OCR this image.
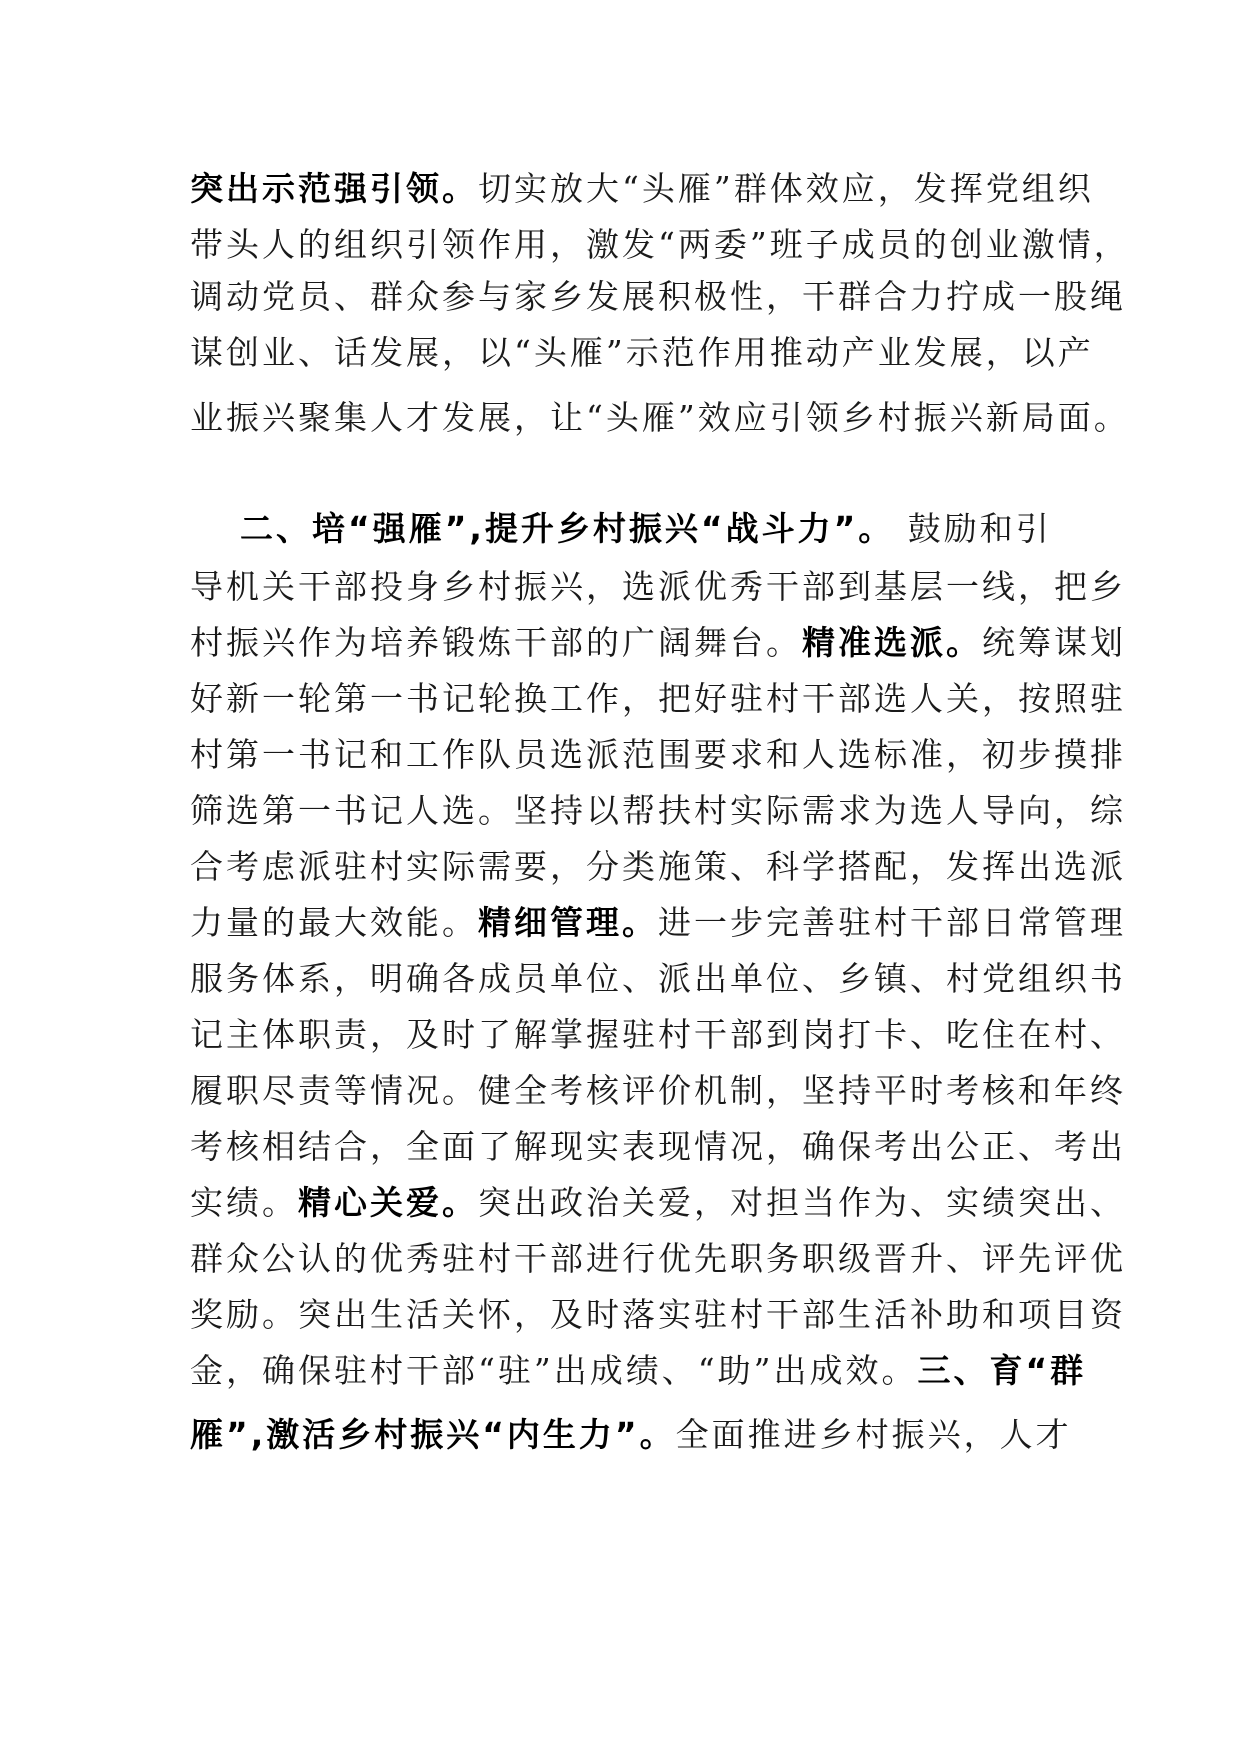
突出示范强引领。切实放大“头雁”群体效应，发挥党组织
带头人的组织引领作用，激发“两委”班子成员的创业激情，
调动党员、群众参与家乡发展积极性，干群合力拧成一股绳
谋创业、话发展，以“头雁”示范作用推动产业发展，以产
业振兴聚集人才发展，让“头雁”效应引领乡村振兴新局面。
二、培“强雁”,提升乡村振兴“战斗力”。 鼓励和引
导机关干部投身乡村振兴，选派优秀干部到基层一线，把乡
村振兴作为培养锻炼干部的广阔舞台。精准选派。统筹谋划
好新一轮第一书记轮换工作，把好驻村干部选人关，按照驻
村第一书记和工作队员选派范围要求和人选标准，初步摸排
筛选第一书记人选。坚持以帮扶村实际需求为选人导向，综
合考虑派驻村实际需要，分类施策、科学搭配，发挥出选派
力量的最大效能。精细管理。进一步完善驻村干部日常管理
服务体系，明确各成员单位、派出单位、乡镇、村党组织书
记主体职责，及时了解掌握驻村干部到岗打卡、吃住在村、
履职尽责等情况。健全考核评价机制，坚持平时考核和年终
考核相结合，全面了解现实表现情况，确保考出公正、考出
实绩。精心关爱。突出政治关爱，对担当作为、实绩突出、
群众公认的优秀驻村干部进行优先职务职级晋升、评先评优
奖励。突出生活关怀，及时落实驻村干部生活补助和项目资
金，确保驻村干部“驻”出成绩、“助”出成效。三、育“群
雁”,激活乡村振兴“内生力”。全面推进乡村振兴，人才
